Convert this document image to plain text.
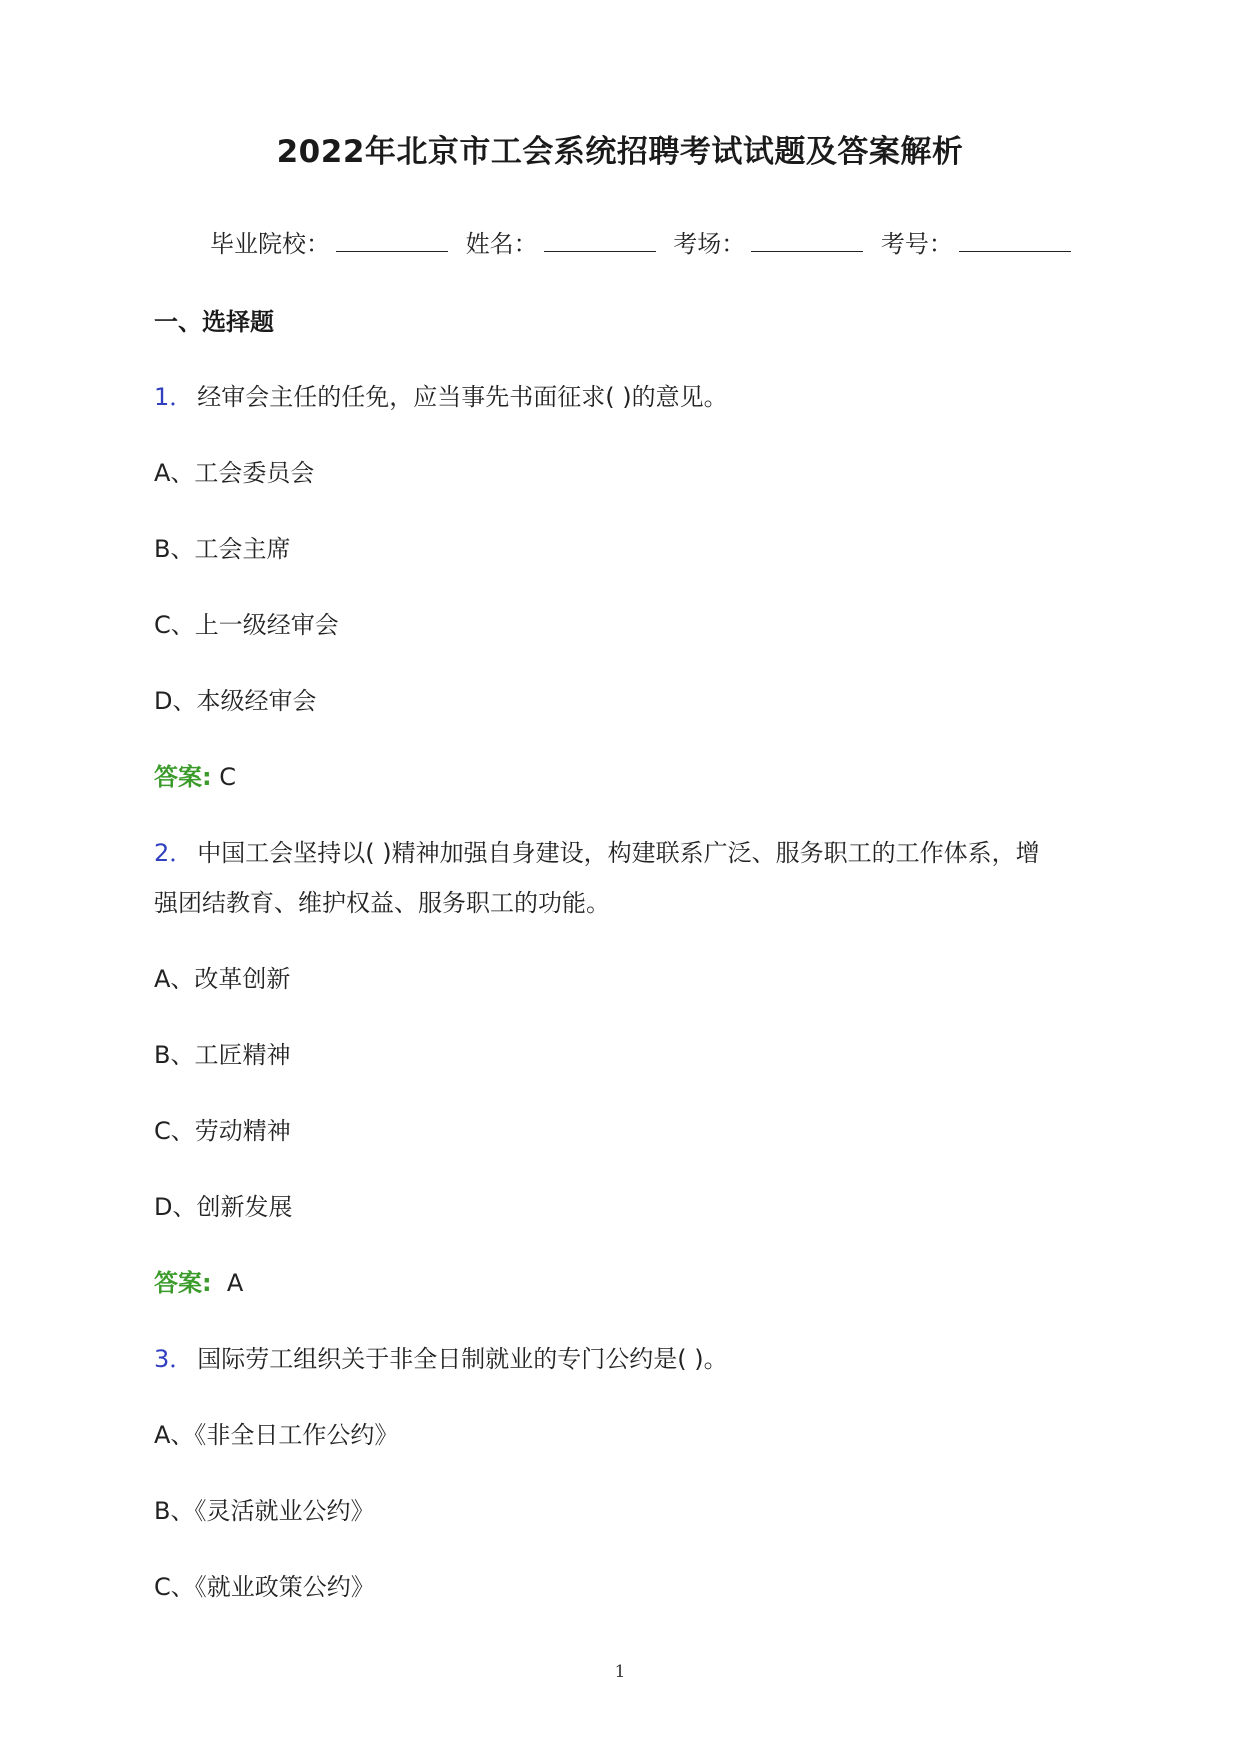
2022年北京市工会系统招聘考试试题及答案解析
毕业院校：	姓名：	考场：	考号：
一、选择题
1． 经审会主任的任免，应当事先书面征求( )的意见。
A、工会委员会
B、工会主席
C、上一级经审会
D、本级经审会
答案: C
2． 中国工会坚持以( )精神加强自身建设，构建联系广泛、服务职工的工作体系，增
强团结教育、维护权益、服务职工的功能。
A、改革创新
B、工匠精神
C、劳动精神
D、创新发展
答案:  A
3． 国际劳工组织关于非全日制就业的专门公约是( )。
A、《非全日工作公约》
B、《灵活就业公约》
C、《就业政策公约》
1
